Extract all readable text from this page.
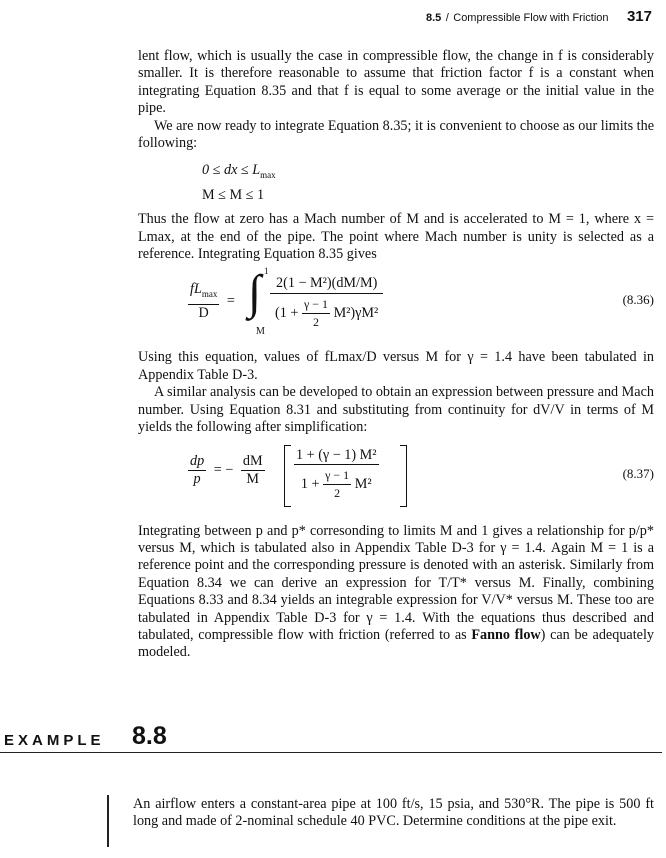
8.5 / Compressible Flow with Friction 317

lent flow, which is usually the case in compressible flow, the change in f is considerably smaller. It is therefore reasonable to assume that friction factor f is a constant when integrating Equation 8.35 and that f is equal to some average or the initial value in the pipe.

We are now ready to integrate Equation 8.35; it is convenient to choose as our limits the following:

0 ≤ dx ≤ $L_{max}$
M ≤ M ≤ 1

Thus the flow at zero has a Mach number of M and is accelerated to M = 1, where x = Lmax, at the end of the pipe. The point where Mach number is unity is selected as a reference. Integrating Equation 8.35 gives

$\frac{fL_{max}}{D}$ = ∫ 1
M
2(1 − M²)(dM/M)
$(1 + \frac{\gamma - 1}{2} M^2)\gamma M^2$
(8.36)

Using this equation, values of fLmax/D versus M for γ = 1.4 have been tabulated in Appendix Table D-3.

A similar analysis can be developed to obtain an expression between pressure and Mach number. Using Equation 8.31 and substituting from continuity for dV/V in terms of M yields the following after simplification:

$\frac{dp}{p}$ = − $\frac{dM}{M} 1 + (\gamma - 1)$ M²
$1 + \frac{\gamma - 1}{2} M^2$
(8.37)

Integrating between p and p* corresonding to limits M and 1 gives a relationship for p/p* versus M, which is tabulated also in Appendix Table D-3 for γ = 1.4. Again M = 1 is a reference point and the corresponding pressure is denoted with an asterisk. Similarly from Equation 8.34 we can derive an expression for T/T* versus M. Finally, combining Equations 8.33 and 8.34 yields an integrable expression for V/V* versus M. These too are tabulated in Appendix Table D-3 for γ = 1.4. With the equations thus described and tabulated, compressible flow with friction (referred to as Fanno flow) can be adequately modeled.

EXAMPLE 8.8
An airflow enters a constant-area pipe at 100 ft/s, 15 psia, and 530°R. The pipe is 500 ft long and made of 2-nominal schedule 40 PVC. Determine conditions at the pipe exit.
